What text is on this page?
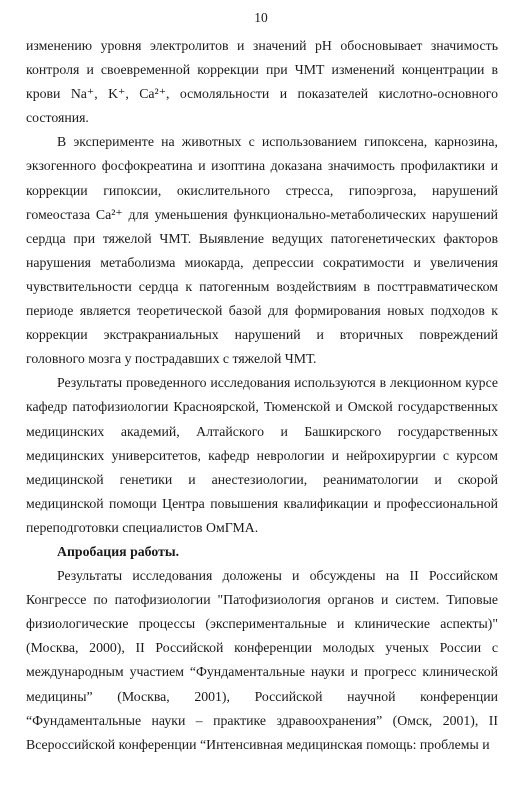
10

изменению уровня электролитов и значений pH обосновывает значимость контроля и своевременной коррекции при ЧМТ изменений концентрации в крови Na⁺, K⁺, Ca²⁺, осмоляльности и показателей кислотно-основного состояния.

В эксперименте на животных с использованием гипоксена, карнозина, экзогенного фосфокреатина и изоптина доказана значимость профилактики и коррекции гипоксии, окислительного стресса, гипоэргоза, нарушений гомеостаза Ca²⁺ для уменьшения функционально-метаболических нарушений сердца при тяжелой ЧМТ. Выявление ведущих патогенетических факторов нарушения метаболизма миокарда, депрессии сократимости и увеличения чувствительности сердца к патогенным воздействиям в посттравматическом периоде является теоретической базой для формирования новых подходов к коррекции экстракраниальных нарушений и вторичных повреждений головного мозга у пострадавших с тяжелой ЧМТ.

Результаты проведенного исследования используются в лекционном курсе кафедр патофизиологии Красноярской, Тюменской и Омской государственных медицинских академий, Алтайского и Башкирского государственных медицинских университетов, кафедр неврологии и нейрохирургии с курсом медицинской генетики и анестезиологии, реаниматологии и скорой медицинской помощи Центра повышения квалификации и профессиональной переподготовки специалистов ОмГМА.

Апробация работы.

Результаты исследования доложены и обсуждены на II Российском Конгрессе по патофизиологии "Патофизиология органов и систем. Типовые физиологические процессы (экспериментальные и клинические аспекты)" (Москва, 2000), II Российской конференции молодых ученых России с международным участием “Фундаментальные науки и прогресс клинической медицины” (Москва, 2001), Российской научной конференции “Фундаментальные науки – практике здравоохранения” (Омск, 2001), II Всероссийской конференции “Интенсивная медицинская помощь: проблемы и
